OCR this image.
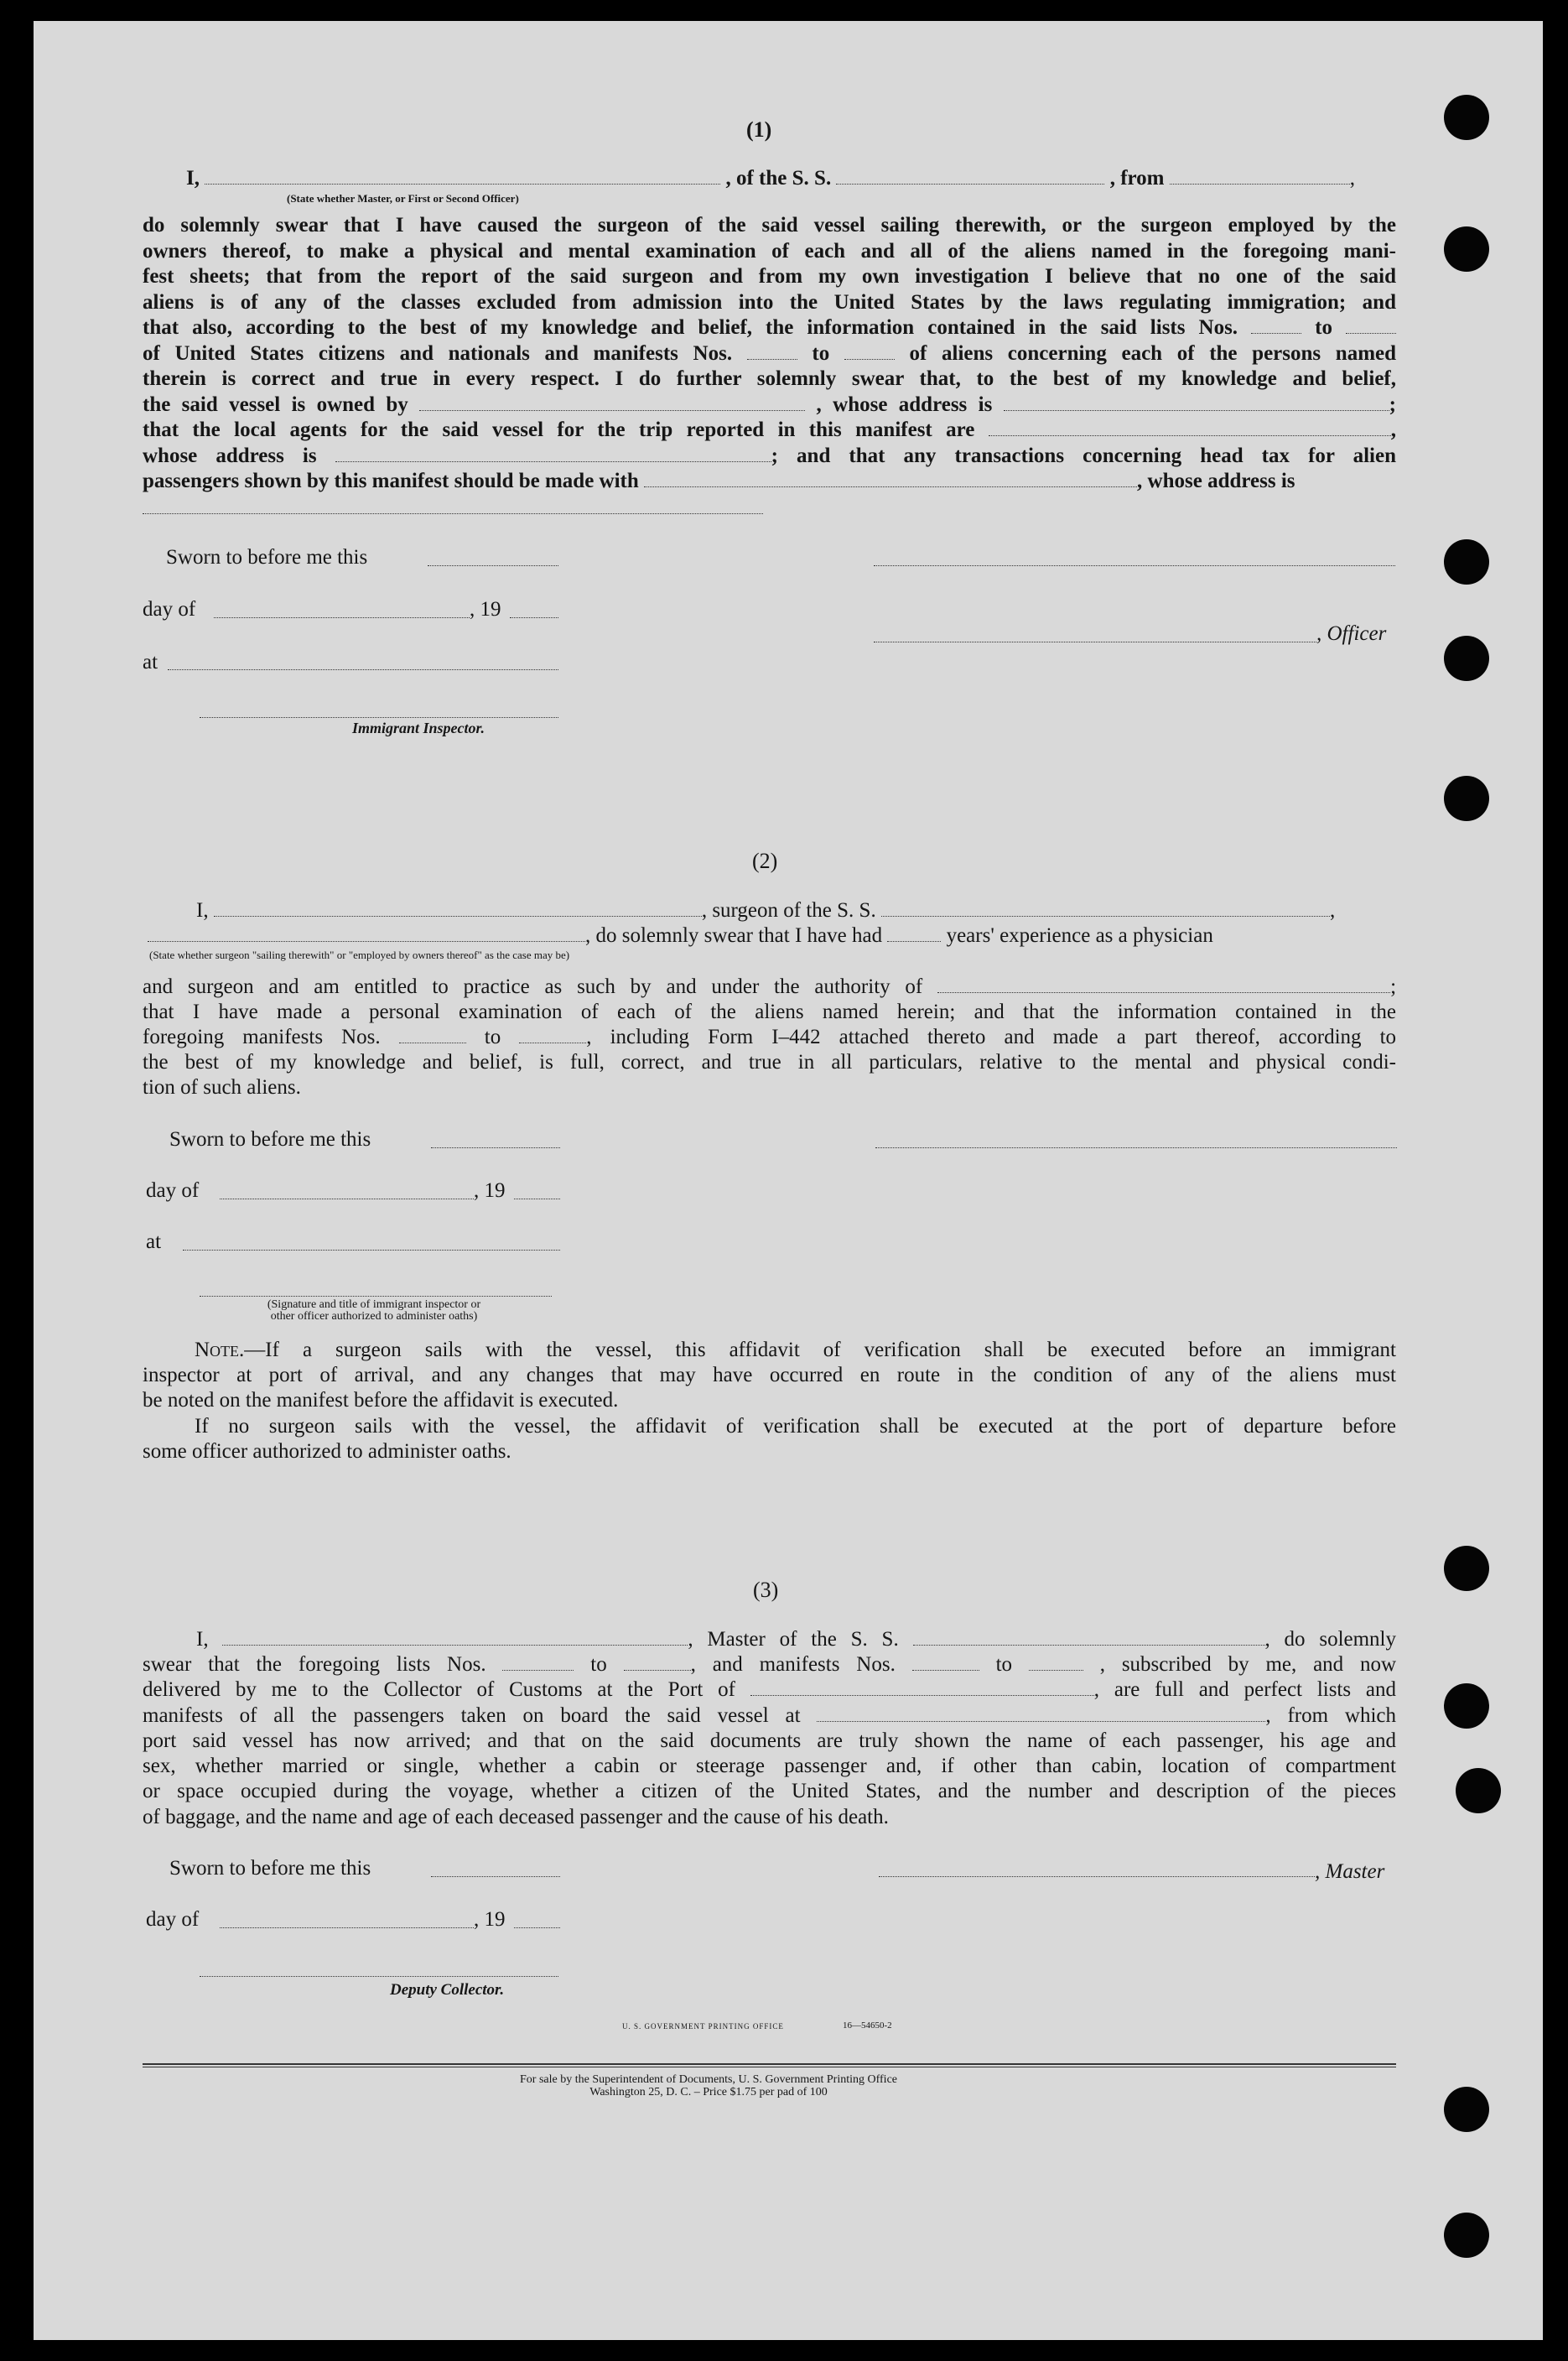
(1)
I,	, of the S. S.	, from	,
(State whether Master, or First or Second Officer)
do solemnly swear that I have caused the surgeon of the said vessel sailing therewith, or the surgeon employed by the
owners thereof, to make a physical and mental examination of each and all of the aliens named in the foregoing mani-
fest sheets; that from the report of the said surgeon and from my own investigation I believe that no one of the said
aliens is of any of the classes excluded from admission into the United States by the laws regulating immigration; and
that also, according to the best of my knowledge and belief, the information contained in the said lists Nos.	to
of United States citizens and nationals and manifests Nos.	to	of aliens concerning each of the persons named
therein is correct and true in every respect. I do further solemnly swear that, to the best of my knowledge and belief,
the said vessel is owned by	, whose address is	;
that the local agents for the said vessel for the trip reported in this manifest are	,
whose address is	; and that any transactions concerning head tax for alien
passengers shown by this manifest should be made with	, whose address is
Sworn to before me this
day of	, 19
, Officer
at
Immigrant Inspector.
(2)
I,	, surgeon of the S. S.	,
, do solemnly swear that I have had	years' experience as a physician
(State whether surgeon "sailing therewith" or "employed by owners thereof" as the case may be)
and surgeon and am entitled to practice as such by and under the authority of	;
that I have made a personal examination of each of the aliens named herein; and that the information contained in the
foregoing manifests Nos.	to	, including Form I–442 attached thereto and made a part thereof, according to
the best of my knowledge and belief, is full, correct, and true in all particulars, relative to the mental and physical condi-
tion of such aliens.
Sworn to before me this
day of	, 19
at
(Signature and title of immigrant inspector or
other officer authorized to administer oaths)
Note.—If a surgeon sails with the vessel, this affidavit of verification shall be executed before an immigrant
inspector at port of arrival, and any changes that may have occurred en route in the condition of any of the aliens must
be noted on the manifest before the affidavit is executed.
If no surgeon sails with the vessel, the affidavit of verification shall be executed at the port of departure before
some officer authorized to administer oaths.
(3)
I,	, Master of the S. S.	, do solemnly
swear that the foregoing lists Nos.	to	, and manifests Nos.	to	, subscribed by me, and now
delivered by me to the Collector of Customs at the Port of	, are full and perfect lists and
manifests of all the passengers taken on board the said vessel at	, from which
port said vessel has now arrived; and that on the said documents are truly shown the name of each passenger, his age and
sex, whether married or single, whether a cabin or steerage passenger and, if other than cabin, location of compartment
or space occupied during the voyage, whether a citizen of the United States, and the number and description of the pieces
of baggage, and the name and age of each deceased passenger and the cause of his death.
Sworn to before me this	, Master
day of	, 19
Deputy Collector.
U. S. GOVERNMENT PRINTING OFFICE	16—54650-2
For sale by the Superintendent of Documents, U. S. Government Printing Office
Washington 25, D. C. – Price $1.75 per pad of 100
